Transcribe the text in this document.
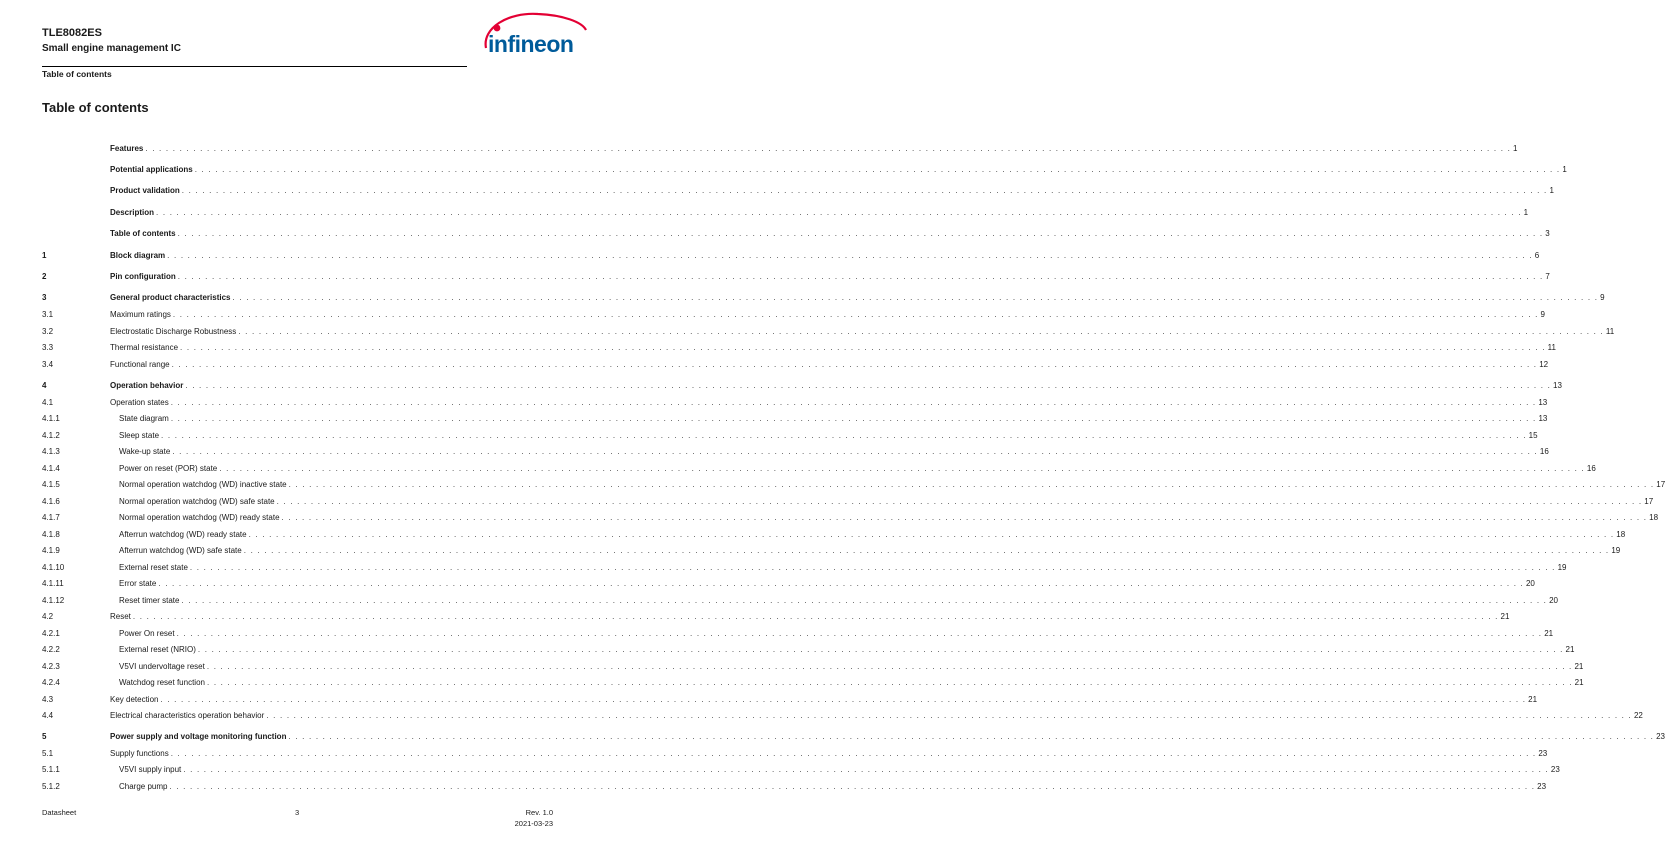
TLE8082ES
Small engine management IC
Table of contents
infineon
Table of contents
Features . . . . . . . . . . . . . . . . . . . . . . . . . . . . . . . . . . . . . . . . . . . . . . . . . . . . . . . . . . . . . . . . . . . . . . . . . . . . . . . . . . . . . . . . . . . . . . . . . . . . . . . . . . . . . . . . . . . . . . . . . . . . . . . . . . . . . . . . . . . . . . . . . . . . . . . . . . . . . . . . . . . . . . . . . . . . . . . . . . . . . . . . . . . . . . . . . . . . . . . . 1
Potential applications . . . . . . . . . . . . . . . . . . . . . . . . . . . . . . . . . . . . . . . . . . . . . . . . . . . . . . . . . . . . . . . . . . . . . . . . . . . . . . . . . . . . . . . . . . . . . . . . . . . . . . . . . . . . . . . . . . . . . . . . . . . . . . . . . . . . . . . . . . . . . . . . . . . . . . . . . . . . . . . . . . . . . . . . . . . . . . . . . . . . . . . . . . . . . . . . . . . . . . . . 1
Product validation . . . . . . . . . . . . . . . . . . . . . . . . . . . . . . . . . . . . . . . . . . . . . . . . . . . . . . . . . . . . . . . . . . . . . . . . . . . . . . . . . . . . . . . . . . . . . . . . . . . . . . . . . . . . . . . . . . . . . . . . . . . . . . . . . . . . . . . . . . . . . . . . . . . . . . . . . . . . . . . . . . . . . . . . . . . . . . . . . . . . . . . . . . . . . . . . . . . . . . . . 1
Description . . . . . . . . . . . . . . . . . . . . . . . . . . . . . . . . . . . . . . . . . . . . . . . . . . . . . . . . . . . . . . . . . . . . . . . . . . . . . . . . . . . . . . . . . . . . . . . . . . . . . . . . . . . . . . . . . . . . . . . . . . . . . . . . . . . . . . . . . . . . . . . . . . . . . . . . . . . . . . . . . . . . . . . . . . . . . . . . . . . . . . . . . . . . . . . . . . . . . . . . 1
Table of contents . . . . . . . . . . . . . . . . . . . . . . . . . . . . . . . . . . . . . . . . . . . . . . . . . . . . . . . . . . . . . . . . . . . . . . . . . . . . . . . . . . . . . . . . . . . . . . . . . . . . . . . . . . . . . . . . . . . . . . . . . . . . . . . . . . . . . . . . . . . . . . . . . . . . . . . . . . . . . . . . . . . . . . . . . . . . . . . . . . . . . . . . . . . . . . . . . . . . . . . . 3
1	Block diagram . . . . . . . . . . . . . . . . . . . . . . . . . . . . . . . . . . . . . . . . . . . . . . . . . . . . . . . . . . . . . . . . . . . . . . . . . . . . . . . . . . . . . . . . . . . . . . . . . . . . . . . . . . . . . . . . . . . . . . . . . . . . . . . . . . . . . . . . . . . . . . . . . . . . . . . . . . . . . . . . . . . . . . . . . . . . . . . . . . . . . . . . . . . . . . . . . . . . . . . . 6
2	Pin configuration . . . . . . . . . . . . . . . . . . . . . . . . . . . . . . . . . . . . . . . . . . . . . . . . . . . . . . . . . . . . . . . . . . . . . . . . . . . . . . . . . . . . . . . . . . . . . . . . . . . . . . . . . . . . . . . . . . . . . . . . . . . . . . . . . . . . . . . . . . . . . . . . . . . . . . . . . . . . . . . . . . . . . . . . . . . . . . . . . . . . . . . . . . . . . . . . . . . . . . . . 7
3	General product characteristics . . . . . . . . . . . . . . . . . . . . . . . . . . . . . . . . . . . . . . . . . . . . . . . . . . . . . . . . . . . . . . . . . . . . . . . . . . . . . . . . . . . . . . . . . . . . . . . . . . . . . . . . . . . . . . . . . . . . . . . . . . . . . . . . . . . . . . . . . . . . . . . . . . . . . . . . . . . . . . . . . . . . . . . . . . . . . . . . . . . . . . . . . . . . . . . . . . . . . . . . 9
3.1	Maximum ratings . . . . . . . . . . . . . . . . . . . . . . . . . . . . . . . . . . . . . . . . . . . . . . . . . . . . . . . . . . . . . . . . . . . . . . . . . . . . . . . . . . . . . . . . . . . . . . . . . . . . . . . . . . . . . . . . . . . . . . . . . . . . . . . . . . . . . . . . . . . . . . . . . . . . . . . . . . . . . . . . . . . . . . . . . . . . . . . . . . . . . . . . . . . . . . . . . . . . . . . . 9
3.2	Electrostatic Discharge Robustness . . . . . . . . . . . . . . . . . . . . . . . . . . . . . . . . . . . . . . . . . . . . . . . . . . . . . . . . . . . . . . . . . . . . . . . . . . . . . . . . . . . . . . . . . . . . . . . . . . . . . . . . . . . . . . . . . . . . . . . . . . . . . . . . . . . . . . . . . . . . . . . . . . . . . . . . . . . . . . . . . . . . . . . . . . . . . . . . . . . . . . . . . . . . . . . . . . . . . . . . 11
3.3	Thermal resistance . . . . . . . . . . . . . . . . . . . . . . . . . . . . . . . . . . . . . . . . . . . . . . . . . . . . . . . . . . . . . . . . . . . . . . . . . . . . . . . . . . . . . . . . . . . . . . . . . . . . . . . . . . . . . . . . . . . . . . . . . . . . . . . . . . . . . . . . . . . . . . . . . . . . . . . . . . . . . . . . . . . . . . . . . . . . . . . . . . . . . . . . . . . . . . . . . . . . . . . . 11
3.4	Functional range . . . . . . . . . . . . . . . . . . . . . . . . . . . . . . . . . . . . . . . . . . . . . . . . . . . . . . . . . . . . . . . . . . . . . . . . . . . . . . . . . . . . . . . . . . . . . . . . . . . . . . . . . . . . . . . . . . . . . . . . . . . . . . . . . . . . . . . . . . . . . . . . . . . . . . . . . . . . . . . . . . . . . . . . . . . . . . . . . . . . . . . . . . . . . . . . . . . . . . . . 12
4	Operation behavior . . . . . . . . . . . . . . . . . . . . . . . . . . . . . . . . . . . . . . . . . . . . . . . . . . . . . . . . . . . . . . . . . . . . . . . . . . . . . . . . . . . . . . . . . . . . . . . . . . . . . . . . . . . . . . . . . . . . . . . . . . . . . . . . . . . . . . . . . . . . . . . . . . . . . . . . . . . . . . . . . . . . . . . . . . . . . . . . . . . . . . . . . . . . . . . . . . . . . . . . 13
4.1	Operation states . . . . . . . . . . . . . . . . . . . . . . . . . . . . . . . . . . . . . . . . . . . . . . . . . . . . . . . . . . . . . . . . . . . . . . . . . . . . . . . . . . . . . . . . . . . . . . . . . . . . . . . . . . . . . . . . . . . . . . . . . . . . . . . . . . . . . . . . . . . . . . . . . . . . . . . . . . . . . . . . . . . . . . . . . . . . . . . . . . . . . . . . . . . . . . . . . . . . . . . . 13
4.1.1	State diagram . . . . . . . . . . . . . . . . . . . . . . . . . . . . . . . . . . . . . . . . . . . . . . . . . . . . . . . . . . . . . . . . . . . . . . . . . . . . . . . . . . . . . . . . . . . . . . . . . . . . . . . . . . . . . . . . . . . . . . . . . . . . . . . . . . . . . . . . . . . . . . . . . . . . . . . . . . . . . . . . . . . . . . . . . . . . . . . . . . . . . . . . . . . . . . . . . . . . . . . . 13
4.1.2	Sleep state . . . . . . . . . . . . . . . . . . . . . . . . . . . . . . . . . . . . . . . . . . . . . . . . . . . . . . . . . . . . . . . . . . . . . . . . . . . . . . . . . . . . . . . . . . . . . . . . . . . . . . . . . . . . . . . . . . . . . . . . . . . . . . . . . . . . . . . . . . . . . . . . . . . . . . . . . . . . . . . . . . . . . . . . . . . . . . . . . . . . . . . . . . . . . . . . . . . . . . . . 15
4.1.3	Wake-up state . . . . . . . . . . . . . . . . . . . . . . . . . . . . . . . . . . . . . . . . . . . . . . . . . . . . . . . . . . . . . . . . . . . . . . . . . . . . . . . . . . . . . . . . . . . . . . . . . . . . . . . . . . . . . . . . . . . . . . . . . . . . . . . . . . . . . . . . . . . . . . . . . . . . . . . . . . . . . . . . . . . . . . . . . . . . . . . . . . . . . . . . . . . . . . . . . . . . . . . . 16
4.1.4	Power on reset (POR) state . . . . . . . . . . . . . . . . . . . . . . . . . . . . . . . . . . . . . . . . . . . . . . . . . . . . . . . . . . . . . . . . . . . . . . . . . . . . . . . . . . . . . . . . . . . . . . . . . . . . . . . . . . . . . . . . . . . . . . . . . . . . . . . . . . . . . . . . . . . . . . . . . . . . . . . . . . . . . . . . . . . . . . . . . . . . . . . . . . . . . . . . . . . . . . . . . . . . . . . . 16
4.1.5	Normal operation watchdog (WD) inactive state . . . . . . . . . . . . . . . . . . . . . . . . . . . . . . . . . . . . . . . . . . . . . . . . . . . . . . . . . . . . . . . . . . . . . . . . . . . . . . . . . . . . . . . . . . . . . . . . . . . . . . . . . . . . . . . . . . . . . . . . . . . . . . . . . . . . . . . . . . . . . . . . . . . . . . . . . . . . . . . . . . . . . . . . . . . . . . . . . . . . . . . . . . . . . . . . . . . . . . . . 17
4.1.6	Normal operation watchdog (WD) safe state . . . . . . . . . . . . . . . . . . . . . . . . . . . . . . . . . . . . . . . . . . . . . . . . . . . . . . . . . . . . . . . . . . . . . . . . . . . . . . . . . . . . . . . . . . . . . . . . . . . . . . . . . . . . . . . . . . . . . . . . . . . . . . . . . . . . . . . . . . . . . . . . . . . . . . . . . . . . . . . . . . . . . . . . . . . . . . . . . . . . . . . . . . . . . . . . . . . . . . . . 17
4.1.7	Normal operation watchdog (WD) ready state . . . . . . . . . . . . . . . . . . . . . . . . . . . . . . . . . . . . . . . . . . . . . . . . . . . . . . . . . . . . . . . . . . . . . . . . . . . . . . . . . . . . . . . . . . . . . . . . . . . . . . . . . . . . . . . . . . . . . . . . . . . . . . . . . . . . . . . . . . . . . . . . . . . . . . . . . . . . . . . . . . . . . . . . . . . . . . . . . . . . . . . . . . . . . . . . . . . . . . . . 18
4.1.8	Afterrun watchdog (WD) ready state . . . . . . . . . . . . . . . . . . . . . . . . . . . . . . . . . . . . . . . . . . . . . . . . . . . . . . . . . . . . . . . . . . . . . . . . . . . . . . . . . . . . . . . . . . . . . . . . . . . . . . . . . . . . . . . . . . . . . . . . . . . . . . . . . . . . . . . . . . . . . . . . . . . . . . . . . . . . . . . . . . . . . . . . . . . . . . . . . . . . . . . . . . . . . . . . . . . . . . . . 18
4.1.9	Afterrun watchdog (WD) safe state . . . . . . . . . . . . . . . . . . . . . . . . . . . . . . . . . . . . . . . . . . . . . . . . . . . . . . . . . . . . . . . . . . . . . . . . . . . . . . . . . . . . . . . . . . . . . . . . . . . . . . . . . . . . . . . . . . . . . . . . . . . . . . . . . . . . . . . . . . . . . . . . . . . . . . . . . . . . . . . . . . . . . . . . . . . . . . . . . . . . . . . . . . . . . . . . . . . . . . . . 19
4.1.10	External reset state . . . . . . . . . . . . . . . . . . . . . . . . . . . . . . . . . . . . . . . . . . . . . . . . . . . . . . . . . . . . . . . . . . . . . . . . . . . . . . . . . . . . . . . . . . . . . . . . . . . . . . . . . . . . . . . . . . . . . . . . . . . . . . . . . . . . . . . . . . . . . . . . . . . . . . . . . . . . . . . . . . . . . . . . . . . . . . . . . . . . . . . . . . . . . . . . . . . . . . . . 19
4.1.11	Error state . . . . . . . . . . . . . . . . . . . . . . . . . . . . . . . . . . . . . . . . . . . . . . . . . . . . . . . . . . . . . . . . . . . . . . . . . . . . . . . . . . . . . . . . . . . . . . . . . . . . . . . . . . . . . . . . . . . . . . . . . . . . . . . . . . . . . . . . . . . . . . . . . . . . . . . . . . . . . . . . . . . . . . . . . . . . . . . . . . . . . . . . . . . . . . . . . . . . . . . . 20
4.1.12	Reset timer state . . . . . . . . . . . . . . . . . . . . . . . . . . . . . . . . . . . . . . . . . . . . . . . . . . . . . . . . . . . . . . . . . . . . . . . . . . . . . . . . . . . . . . . . . . . . . . . . . . . . . . . . . . . . . . . . . . . . . . . . . . . . . . . . . . . . . . . . . . . . . . . . . . . . . . . . . . . . . . . . . . . . . . . . . . . . . . . . . . . . . . . . . . . . . . . . . . . . . . . . 20
4.2	Reset . . . . . . . . . . . . . . . . . . . . . . . . . . . . . . . . . . . . . . . . . . . . . . . . . . . . . . . . . . . . . . . . . . . . . . . . . . . . . . . . . . . . . . . . . . . . . . . . . . . . . . . . . . . . . . . . . . . . . . . . . . . . . . . . . . . . . . . . . . . . . . . . . . . . . . . . . . . . . . . . . . . . . . . . . . . . . . . . . . . . . . . . . . . . . . . . . . . . . . . . 21
4.2.1	Power On reset . . . . . . . . . . . . . . . . . . . . . . . . . . . . . . . . . . . . . . . . . . . . . . . . . . . . . . . . . . . . . . . . . . . . . . . . . . . . . . . . . . . . . . . . . . . . . . . . . . . . . . . . . . . . . . . . . . . . . . . . . . . . . . . . . . . . . . . . . . . . . . . . . . . . . . . . . . . . . . . . . . . . . . . . . . . . . . . . . . . . . . . . . . . . . . . . . . . . . . . . 21
4.2.2	External reset (NRIO) . . . . . . . . . . . . . . . . . . . . . . . . . . . . . . . . . . . . . . . . . . . . . . . . . . . . . . . . . . . . . . . . . . . . . . . . . . . . . . . . . . . . . . . . . . . . . . . . . . . . . . . . . . . . . . . . . . . . . . . . . . . . . . . . . . . . . . . . . . . . . . . . . . . . . . . . . . . . . . . . . . . . . . . . . . . . . . . . . . . . . . . . . . . . . . . . . . . . . . . . 21
4.2.3	V5VI undervoltage reset . . . . . . . . . . . . . . . . . . . . . . . . . . . . . . . . . . . . . . . . . . . . . . . . . . . . . . . . . . . . . . . . . . . . . . . . . . . . . . . . . . . . . . . . . . . . . . . . . . . . . . . . . . . . . . . . . . . . . . . . . . . . . . . . . . . . . . . . . . . . . . . . . . . . . . . . . . . . . . . . . . . . . . . . . . . . . . . . . . . . . . . . . . . . . . . . . . . . . . . . 21
4.2.4	Watchdog reset function . . . . . . . . . . . . . . . . . . . . . . . . . . . . . . . . . . . . . . . . . . . . . . . . . . . . . . . . . . . . . . . . . . . . . . . . . . . . . . . . . . . . . . . . . . . . . . . . . . . . . . . . . . . . . . . . . . . . . . . . . . . . . . . . . . . . . . . . . . . . . . . . . . . . . . . . . . . . . . . . . . . . . . . . . . . . . . . . . . . . . . . . . . . . . . . . . . . . . . . . 21
4.3	Key detection . . . . . . . . . . . . . . . . . . . . . . . . . . . . . . . . . . . . . . . . . . . . . . . . . . . . . . . . . . . . . . . . . . . . . . . . . . . . . . . . . . . . . . . . . . . . . . . . . . . . . . . . . . . . . . . . . . . . . . . . . . . . . . . . . . . . . . . . . . . . . . . . . . . . . . . . . . . . . . . . . . . . . . . . . . . . . . . . . . . . . . . . . . . . . . . . . . . . . . . . 21
4.4	Electrical characteristics operation behavior . . . . . . . . . . . . . . . . . . . . . . . . . . . . . . . . . . . . . . . . . . . . . . . . . . . . . . . . . . . . . . . . . . . . . . . . . . . . . . . . . . . . . . . . . . . . . . . . . . . . . . . . . . . . . . . . . . . . . . . . . . . . . . . . . . . . . . . . . . . . . . . . . . . . . . . . . . . . . . . . . . . . . . . . . . . . . . . . . . . . . . . . . . . . . . . . . . . . . . . . 22
5	Power supply and voltage monitoring function . . . . . . . . . . . . . . . . . . . . . . . . . . . . . . . . . . . . . . . . . . . . . . . . . . . . . . . . . . . . . . . . . . . . . . . . . . . . . . . . . . . . . . . . . . . . . . . . . . . . . . . . . . . . . . . . . . . . . . . . . . . . . . . . . . . . . . . . . . . . . . . . . . . . . . . . . . . . . . . . . . . . . . . . . . . . . . . . . . . . . . . . . . . . . . . . . . . . . . . . 23
5.1	Supply functions . . . . . . . . . . . . . . . . . . . . . . . . . . . . . . . . . . . . . . . . . . . . . . . . . . . . . . . . . . . . . . . . . . . . . . . . . . . . . . . . . . . . . . . . . . . . . . . . . . . . . . . . . . . . . . . . . . . . . . . . . . . . . . . . . . . . . . . . . . . . . . . . . . . . . . . . . . . . . . . . . . . . . . . . . . . . . . . . . . . . . . . . . . . . . . . . . . . . . . . . 23
5.1.1	V5VI supply input . . . . . . . . . . . . . . . . . . . . . . . . . . . . . . . . . . . . . . . . . . . . . . . . . . . . . . . . . . . . . . . . . . . . . . . . . . . . . . . . . . . . . . . . . . . . . . . . . . . . . . . . . . . . . . . . . . . . . . . . . . . . . . . . . . . . . . . . . . . . . . . . . . . . . . . . . . . . . . . . . . . . . . . . . . . . . . . . . . . . . . . . . . . . . . . . . . . . . . . . 23
5.1.2	Charge pump . . . . . . . . . . . . . . . . . . . . . . . . . . . . . . . . . . . . . . . . . . . . . . . . . . . . . . . . . . . . . . . . . . . . . . . . . . . . . . . . . . . . . . . . . . . . . . . . . . . . . . . . . . . . . . . . . . . . . . . . . . . . . . . . . . . . . . . . . . . . . . . . . . . . . . . . . . . . . . . . . . . . . . . . . . . . . . . . . . . . . . . . . . . . . . . . . . . . . . . . 23
Datasheet	3	Rev. 1.0
2021-03-23
